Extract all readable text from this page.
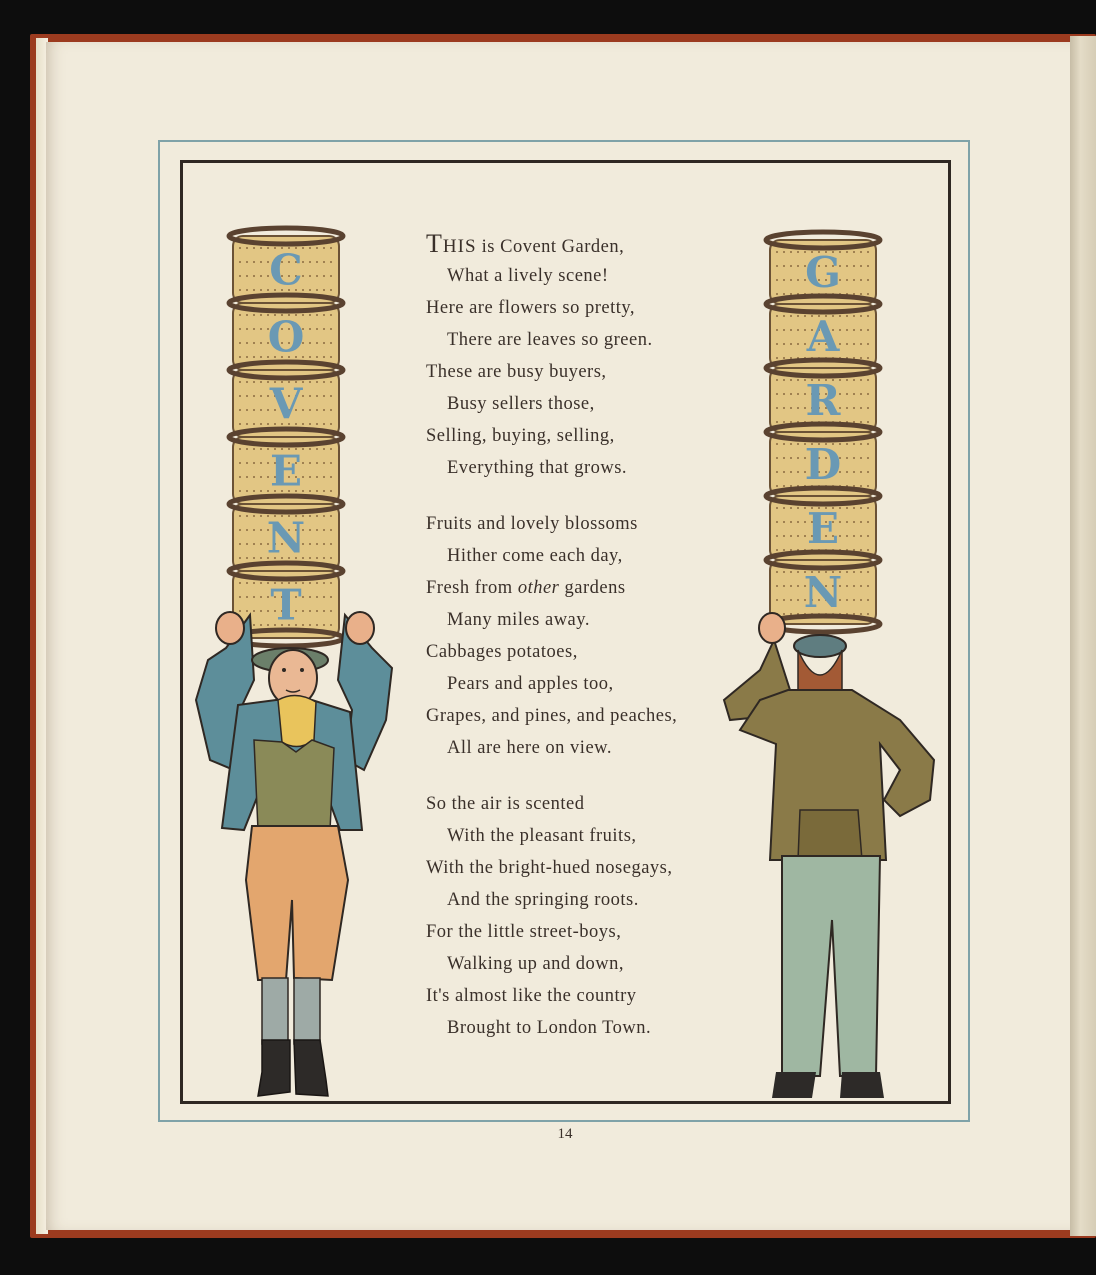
C
O
V
E
N
T
G
A
R
D
E
N
THIS is Covent Garden,
What a lively scene!
Here are flowers so pretty,
There are leaves so green.
These are busy buyers,
Busy sellers those,
Selling, buying, selling,
Everything that grows.
Fruits and lovely blossoms
Hither come each day,
Fresh from other gardens
Many miles away.
Cabbages potatoes,
Pears and apples too,
Grapes, and pines, and peaches,
All are here on view.
So the air is scented
With the pleasant fruits,
With the bright-hued nosegays,
And the springing roots.
For the little street-boys,
Walking up and down,
It's almost like the country
Brought to London Town.
14
